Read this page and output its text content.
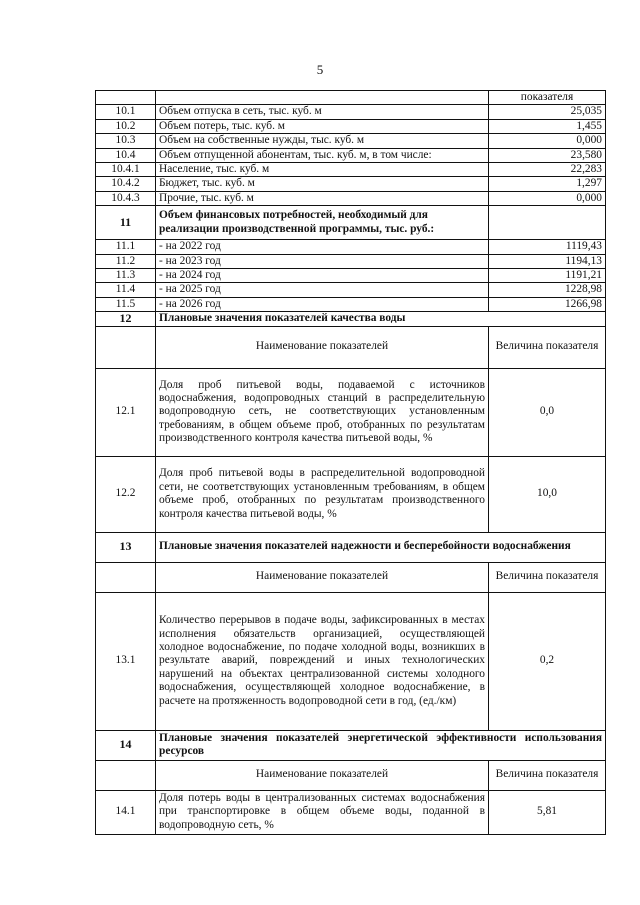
5
		показателя
10.1	Объем отпуска в сеть, тыс. куб. м	25,035
10.2	Объем потерь, тыс. куб. м	1,455
10.3	Объем на собственные нужды, тыс. куб. м	0,000
10.4	Объем отпущенной абонентам, тыс. куб. м, в том числе:	23,580
10.4.1	Население, тыс. куб. м	22,283
10.4.2	Бюджет, тыс. куб. м	1,297
10.4.3	Прочие, тыс. куб. м	0,000
11	Объем финансовых потребностей, необходимый для реализации производственной программы, тыс. руб.:	
11.1	- на 2022 год	1119,43
11.2	- на 2023 год	1194,13
11.3	- на 2024 год	1191,21
11.4	- на 2025 год	1228,98
11.5	- на 2026 год	1266,98
12	Плановые значения показателей качества воды	
	Наименование показателей	Величина показателя
12.1	Доля проб питьевой воды, подаваемой с источников водоснабжения, водопроводных станций в распределительную водопроводную сеть, не соответствующих установленным требованиям, в общем объеме проб, отобранных по результатам производственного контроля качества питьевой воды, %	0,0
12.2	Доля проб питьевой воды в распределительной водопроводной сети, не соответствующих установленным требованиям, в общем объеме проб, отобранных по результатам производственного контроля качества питьевой воды, %	10,0
13	Плановые значения показателей надежности и бесперебойности водоснабжения	
	Наименование показателей	Величина показателя
13.1	Количество перерывов в подаче воды, зафиксированных в местах исполнения обязательств организацией, осуществляющей холодное водоснабжение, по подаче холодной воды, возникших в результате аварий, повреждений и иных технологических нарушений на объектах централизованной системы холодного водоснабжения, осуществляющей холодное водоснабжение, в расчете на протяженность водопроводной сети в год, (ед./км)	0,2
14	Плановые значения показателей энергетической эффективности использования ресурсов	
	Наименование показателей	Величина показателя
14.1	Доля потерь воды в централизованных системах водоснабжения при транспортировке в общем объеме воды, поданной в водопроводную сеть, %	5,81
